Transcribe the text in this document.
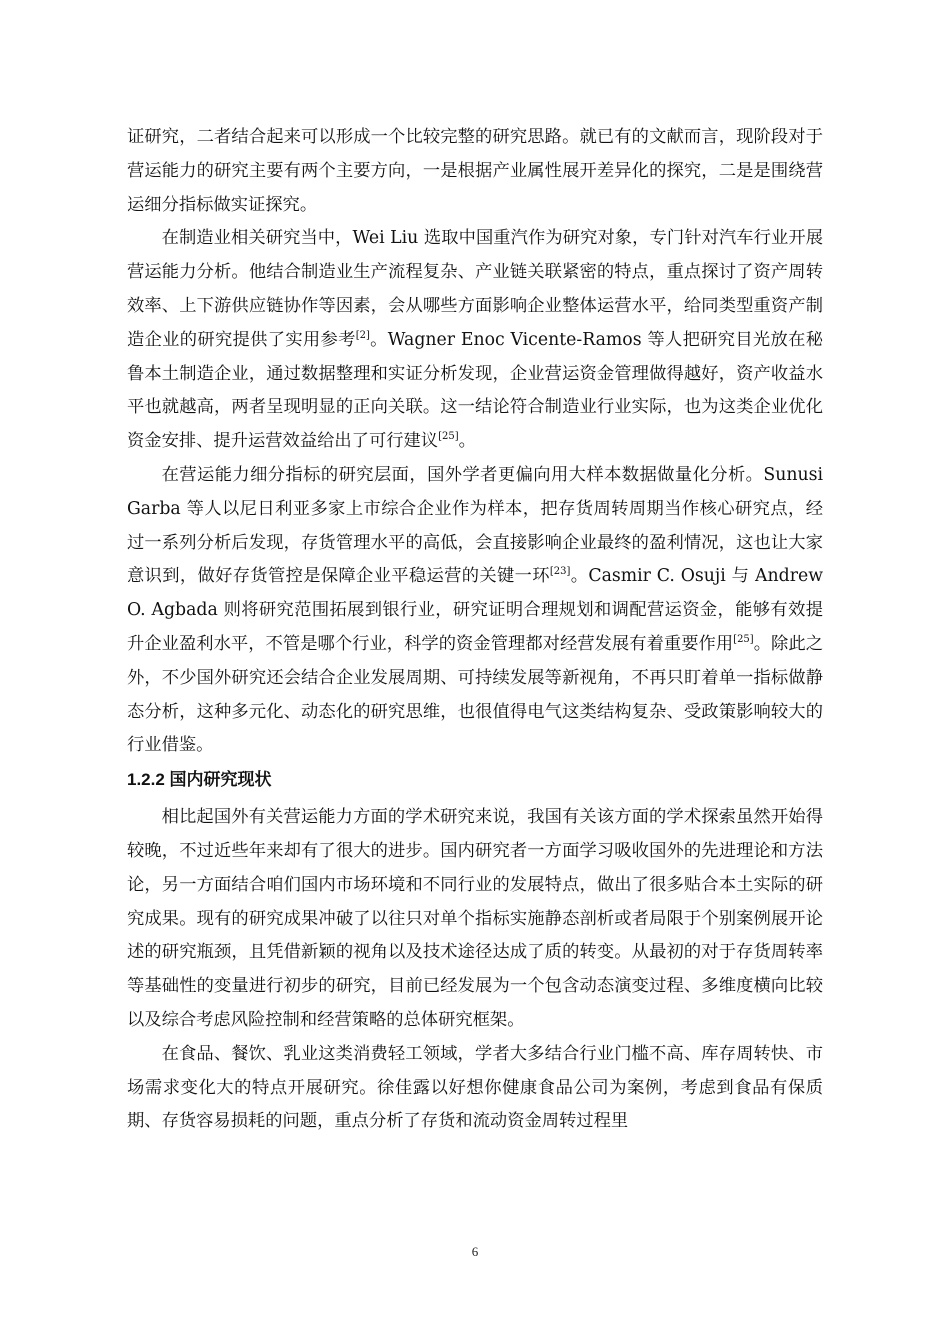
证研究，二者结合起来可以形成一个比较完整的研究思路。就已有的文献而言，现阶段对于营运能力的研究主要有两个主要方向，一是根据产业属性展开差异化的探究，二是是围绕营运细分指标做实证探究。

在制造业相关研究当中，Wei Liu 选取中国重汽作为研究对象，专门针对汽车行业开展营运能力分析。他结合制造业生产流程复杂、产业链关联紧密的特点，重点探讨了资产周转效率、上下游供应链协作等因素，会从哪些方面影响企业整体运营水平，给同类型重资产制造企业的研究提供了实用参考[2]。Wagner Enoc Vicente-Ramos 等人把研究目光放在秘鲁本土制造企业，通过数据整理和实证分析发现，企业营运资金管理做得越好，资产收益水平也就越高，两者呈现明显的正向关联。这一结论符合制造业行业实际，也为这类企业优化资金安排、提升运营效益给出了可行建议[25]。

在营运能力细分指标的研究层面，国外学者更偏向用大样本数据做量化分析。Sunusi Garba 等人以尼日利亚多家上市综合企业作为样本，把存货周转周期当作核心研究点，经过一系列分析后发现，存货管理水平的高低，会直接影响企业最终的盈利情况，这也让大家意识到，做好存货管控是保障企业平稳运营的关键一环[23]。Casmir C. Osuji 与 Andrew O. Agbada 则将研究范围拓展到银行业，研究证明合理规划和调配营运资金，能够有效提升企业盈利水平，不管是哪个行业，科学的资金管理都对经营发展有着重要作用[25]。除此之外，不少国外研究还会结合企业发展周期、可持续发展等新视角，不再只盯着单一指标做静态分析，这种多元化、动态化的研究思维，也很值得电气这类结构复杂、受政策影响较大的行业借鉴。

1.2.2 国内研究现状

相比起国外有关营运能力方面的学术研究来说，我国有关该方面的学术探索虽然开始得较晚，不过近些年来却有了很大的进步。国内研究者一方面学习吸收国外的先进理论和方法论，另一方面结合咱们国内市场环境和不同行业的发展特点，做出了很多贴合本土实际的研究成果。现有的研究成果冲破了以往只对单个指标实施静态剖析或者局限于个别案例展开论述的研究瓶颈，且凭借新颖的视角以及技术途径达成了质的转变。从最初的对于存货周转率等基础性的变量进行初步的研究，目前已经发展为一个包含动态演变过程、多维度横向比较以及综合考虑风险控制和经营策略的总体研究框架。

在食品、餐饮、乳业这类消费轻工领域，学者大多结合行业门槛不高、库存周转快、市场需求变化大的特点开展研究。徐佳露以好想你健康食品公司为案例，考虑到食品有保质期、存货容易损耗的问题，重点分析了存货和流动资金周转过程里

6
